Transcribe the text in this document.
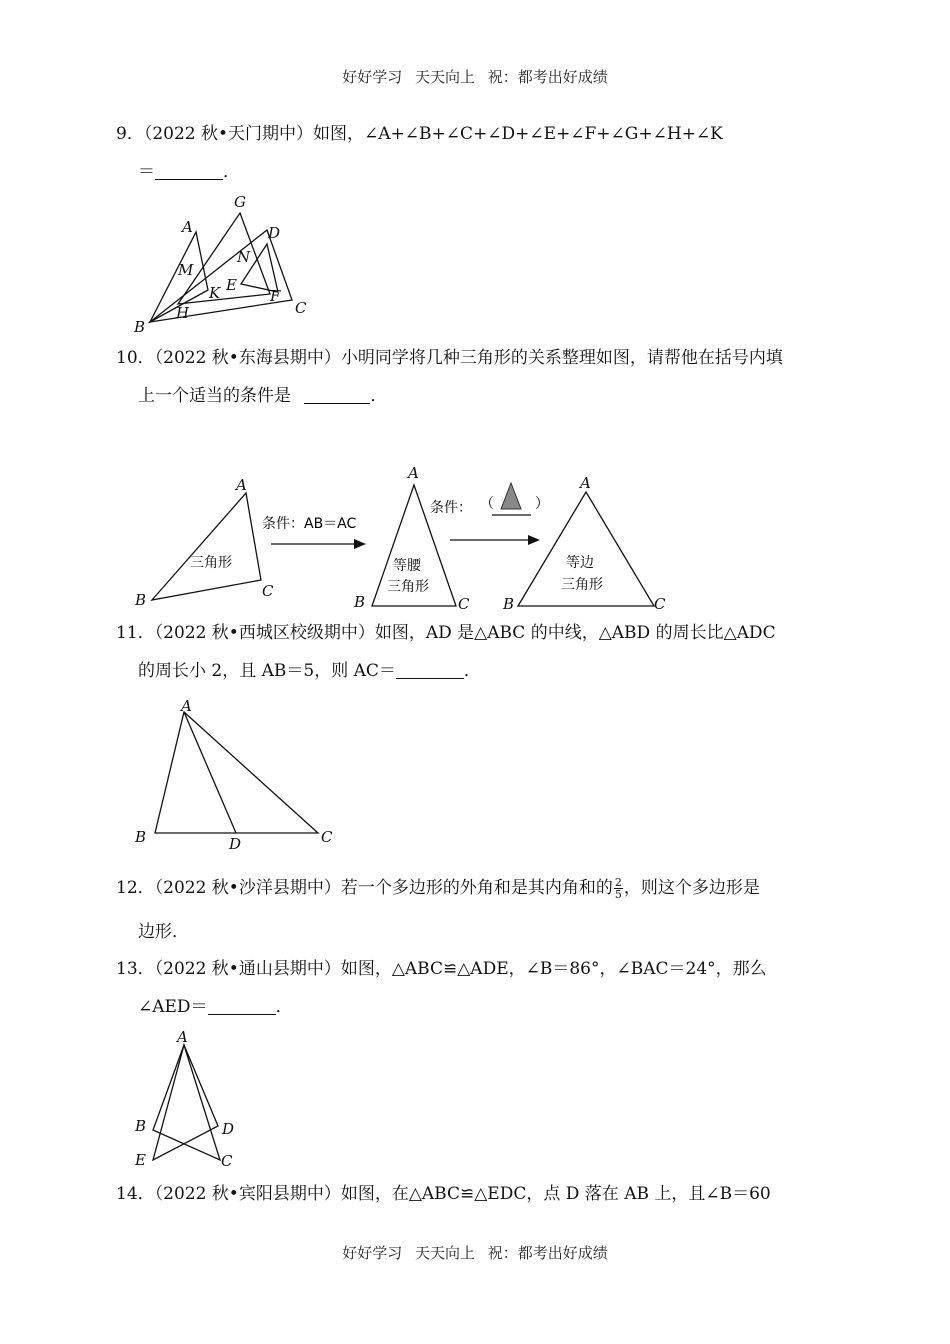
好好学习 天天向上 祝：都考出好成绩
9．（2022 秋•天门期中）如图，∠A+∠B+∠C+∠D+∠E+∠F+∠G+∠H+∠K
＝	．
A
G
D
N
M
E
K	F
H	C
B
三角形
条件：AB＝AC
等腰
三角形
条件： （	）
等边
三角形
A
B	C
A
B	C
A
B	C
A
B	D	C
A
B	D
E	C
10．（2022 秋•东海县期中）小明同学将几种三角形的关系整理如图，请帮他在括号内填
上一个适当的条件是	．
11．（2022 秋•西城区校级期中）如图，AD 是△ABC 的中线，△ABD 的周长比△ADC
的周长小 2，且 AB＝5，则 AC＝	．
12．（2022 秋•沙洋县期中）若一个多边形的外角和是其内角和的 $\frac{2}{5}$ ，则这个多边形是
边形．
13．（2022 秋•通山县期中）如图，△ABC≌△ADE，∠B＝86°，∠BAC＝24°，那么
∠AED＝	．
14．（2022 秋•宾阳县期中）如图，在△ABC≌△EDC，点 D 落在 AB 上，且∠B＝60
好好学习 天天向上 祝：都考出好成绩
